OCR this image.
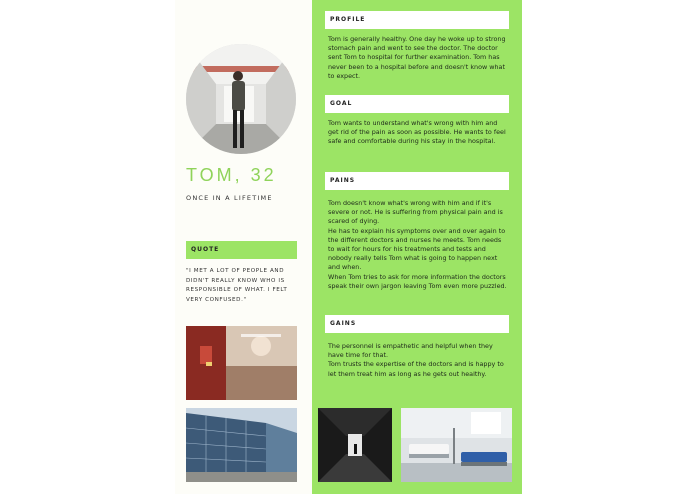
TOM, 32
ONCE IN A LIFETIME
QUOTE
"I MET A LOT OF PEOPLE AND DIDN'T REALLY KNOW WHO IS RESPONSIBLE OF WHAT. I FELT VERY CONFUSED."
PROFILE
Tom is generally healthy. One day he woke up to strong stomach pain and went to see the doctor. The doctor sent Tom to hospital for further examination. Tom has never been to a hospital before and doesn't know what to expect.
GOAL
Tom wants to understand what's wrong with him and get rid of the pain as soon as possible. He wants to feel safe and comfortable during his stay in the hospital.
PAINS
Tom doesn't know what's wrong with him and if it's severe or not. He is suffering from physical pain and is scared of dying.
He has to explain his symptoms over and over again to the different doctors and nurses he meets. Tom needs to wait for hours for his treatments and tests and nobody really tells Tom what is going to happen next and when.
When Tom tries to ask for more information the doctors speak their own jargon leaving Tom even more puzzled.
GAINS
The personnel is empathetic and helpful when they have time for that.
Tom trusts the expertise of the doctors and is happy to let them treat him as long as he gets out healthy.
